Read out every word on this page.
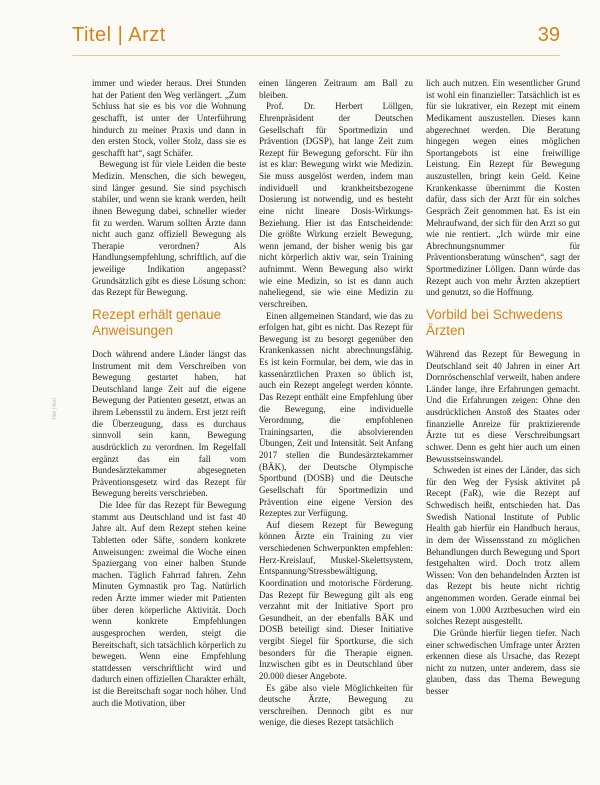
Titel | Arzt	39
Titel | Arzt

immer und wieder heraus. Drei Stunden hat der Patient den Weg verlängert. „Zum Schluss hat sie es bis vor die Wohnung geschafft, ist unter der Unterführung hindurch zu meiner Praxis und dann in den ersten Stock, voller Stolz, dass sie es geschafft hat“, sagt Schäfer.

Bewegung ist für viele Leiden die beste Medizin. Menschen, die sich bewegen, sind länger gesund. Sie sind psychisch stabiler, und wenn sie krank werden, heilt ihnen Bewegung dabei, schneller wieder fit zu werden. Warum sollten Ärzte dann nicht auch ganz offiziell Bewegung als Therapie verordnen? Als Handlungsempfehlung, schriftlich, auf die jeweilige Indikation angepasst? Grundsätzlich gibt es diese Lösung schon: das Rezept für Bewegung.

Rezept erhält genaue Anweisungen

Doch während andere Länder längst das Instrument mit dem Verschreiben von Bewegung gestartet haben, hat Deutschland lange Zeit auf die eigene Bewegung der Patienten gesetzt, etwas an ihrem Lebensstil zu ändern. Erst jetzt reift die Überzeugung, dass es durchaus sinnvoll sein kann, Bewegung ausdrücklich zu verordnen. Im Regelfall ergänzt das ein fall vom Bundesärztekammer abgesegneten Präventionsgesetz wird das Rezept für Bewegung bereits verschrieben.

Die Idee für das Rezept für Bewegung stammt aus Deutschland und ist fast 40 Jahre alt. Auf dem Rezept stehen keine Tabletten oder Säfte, sondern konkrete Anweisungen: zweimal die Woche einen Spaziergang von einer halben Stunde machen. Täglich Fahrrad fahren. Zehn Minuten Gymnastik pro Tag. Natürlich reden Ärzte immer wieder mit Patienten über deren körperliche Aktivität. Doch wenn konkrete Empfehlungen ausgesprochen werden, steigt die Bereitschaft, sich tatsächlich körperlich zu bewegen. Wenn eine Empfehlung stattdessen verschriftlicht wird und dadurch einen offiziellen Charakter erhält, ist die Bereitschaft sogar noch höher. Und auch die Motivation, über

einen längeren Zeitraum am Ball zu bleiben.

Prof. Dr. Herbert Löllgen, Ehrenpräsident der Deutschen Gesellschaft für Sportmedizin und Prävention (DGSP), hat lange Zeit zum Rezept für Bewegung geforscht. Für ihn ist es klar: Bewegung wirkt wie Medizin. Sie muss ausgelöst werden, indem man individuell und krankheitsbezogene Dosierung ist notwendig, und es besteht eine nicht lineare Dosis-Wirkungs-Beziehung. Hier ist das Entscheidende: Die größte Wirkung erzielt Bewegung, wenn jemand, der bisher wenig bis gar nicht körperlich aktiv war, sein Training aufnimmt. Wenn Bewegung also wirkt wie eine Medizin, so ist es dann auch naheliegend, sie wie eine Medizin zu verschreiben.

Einen allgemeinen Standard, wie das zu erfolgen hat, gibt es nicht. Das Rezept für Bewegung ist zu besorgt gegenüber den Krankenkassen nicht abrechnungsfähig. Es ist kein Formular, bei dem, wie das in kassenärztlichen Praxen so üblich ist, auch ein Rezept angelegt werden könnte. Das Rezept enthält eine Empfehlung über die Bewegung, eine individuelle Verordnung, die empfohlenen Trainingsarten, die absolvierenden Übungen, Zeit und Intensität. Seit Anfang 2017 stellen die Bundesärztekammer (BÄK), der Deutsche Olympische Sportbund (DOSB) und die Deutsche Gesellschaft für Sportmedizin und Prävention eine eigene Version des Rezeptes zur Verfügung.

Auf diesem Rezept für Bewegung können Ärzte ein Training zu vier verschiedenen Schwerpunkten empfehlen: Herz-Kreislauf, Muskel-Skelettsystem, Entspannung/Stressbewältigung, Koordination und motorische Förderung. Das Rezept für Bewegung gilt als eng verzahnt mit der Initiative Sport pro Gesundheit, an der ebenfalls BÄK und DOSB beteiligt sind. Dieser Initiative vergibt Siegel für Sportkurse, die sich besonders für die Therapie eignen. Inzwischen gibt es in Deutschland über 20.000 dieser Angebote.

Es gäbe also viele Möglichkeiten für deutsche Ärzte, Bewegung zu verschreiben. Dennoch gibt es nur wenige, die dieses Rezept tatsächlich

lich auch nutzen. Ein wesentlicher Grund ist wohl ein finanzieller: Tatsächlich ist es für sie lukrativer, ein Rezept mit einem Medikament auszustellen. Dieses kann abgerechnet werden. Die Beratung hingegen wegen eines möglichen Sportangebots ist eine freiwillige Leistung. Ein Rezept für Bewegung auszustellen, bringt kein Geld. Keine Krankenkasse übernimmt die Kosten dafür, dass sich der Arzt für ein solches Gespräch Zeit genommen hat. Es ist ein Mehraufwand, der sich für den Arzt so gut wie nie rentiert. „Ich würde mir eine Abrechnungsnummer für Präventionsberatung wünschen“, sagt der Sportmediziner Löllgen. Dann würde das Rezept auch von mehr Ärzten akzeptiert und genutzt, so die Hoffnung.

Vorbild bei Schwedens Ärzten

Während das Rezept für Bewegung in Deutschland seit 40 Jahren in einer Art Dornröschenschlaf verweilt, haben andere Länder lange, ihre Erfahrungen gemacht. Und die Erfahrungen zeigen: Ohne den ausdrücklichen Anstoß des Staates oder finanzielle Anreize für praktizierende Ärzte tut es diese Verschreibungsart schwer. Denn es geht hier auch um einen Bewusstseinswandel.

Schweden ist eines der Länder, das sich für den Weg der Fysisk aktivitet på Recept (FaR), wie die Rezept auf Schwedisch heißt, entschieden hat. Das Swedish National Institute of Public Health gab hierfür ein Handbuch heraus, in dem der Wissensstand zu möglichen Behandlungen durch Bewegung und Sport festgehalten wird. Doch trotz allem Wissen: Von den behandelnden Ärzten ist das Rezept bis heute nicht richtig angenommen worden. Gerade einmal bei einem von 1.000 Arztbesuchen wird ein solches Rezept ausgestellt.

Die Gründe hierfür liegen tiefer. Nach einer schwedischen Umfrage unter Ärzten erkennen diese als Ursache, das Rezept nicht zu nutzen, unter anderem, dass sie glauben, dass das Thema Bewegung besser
